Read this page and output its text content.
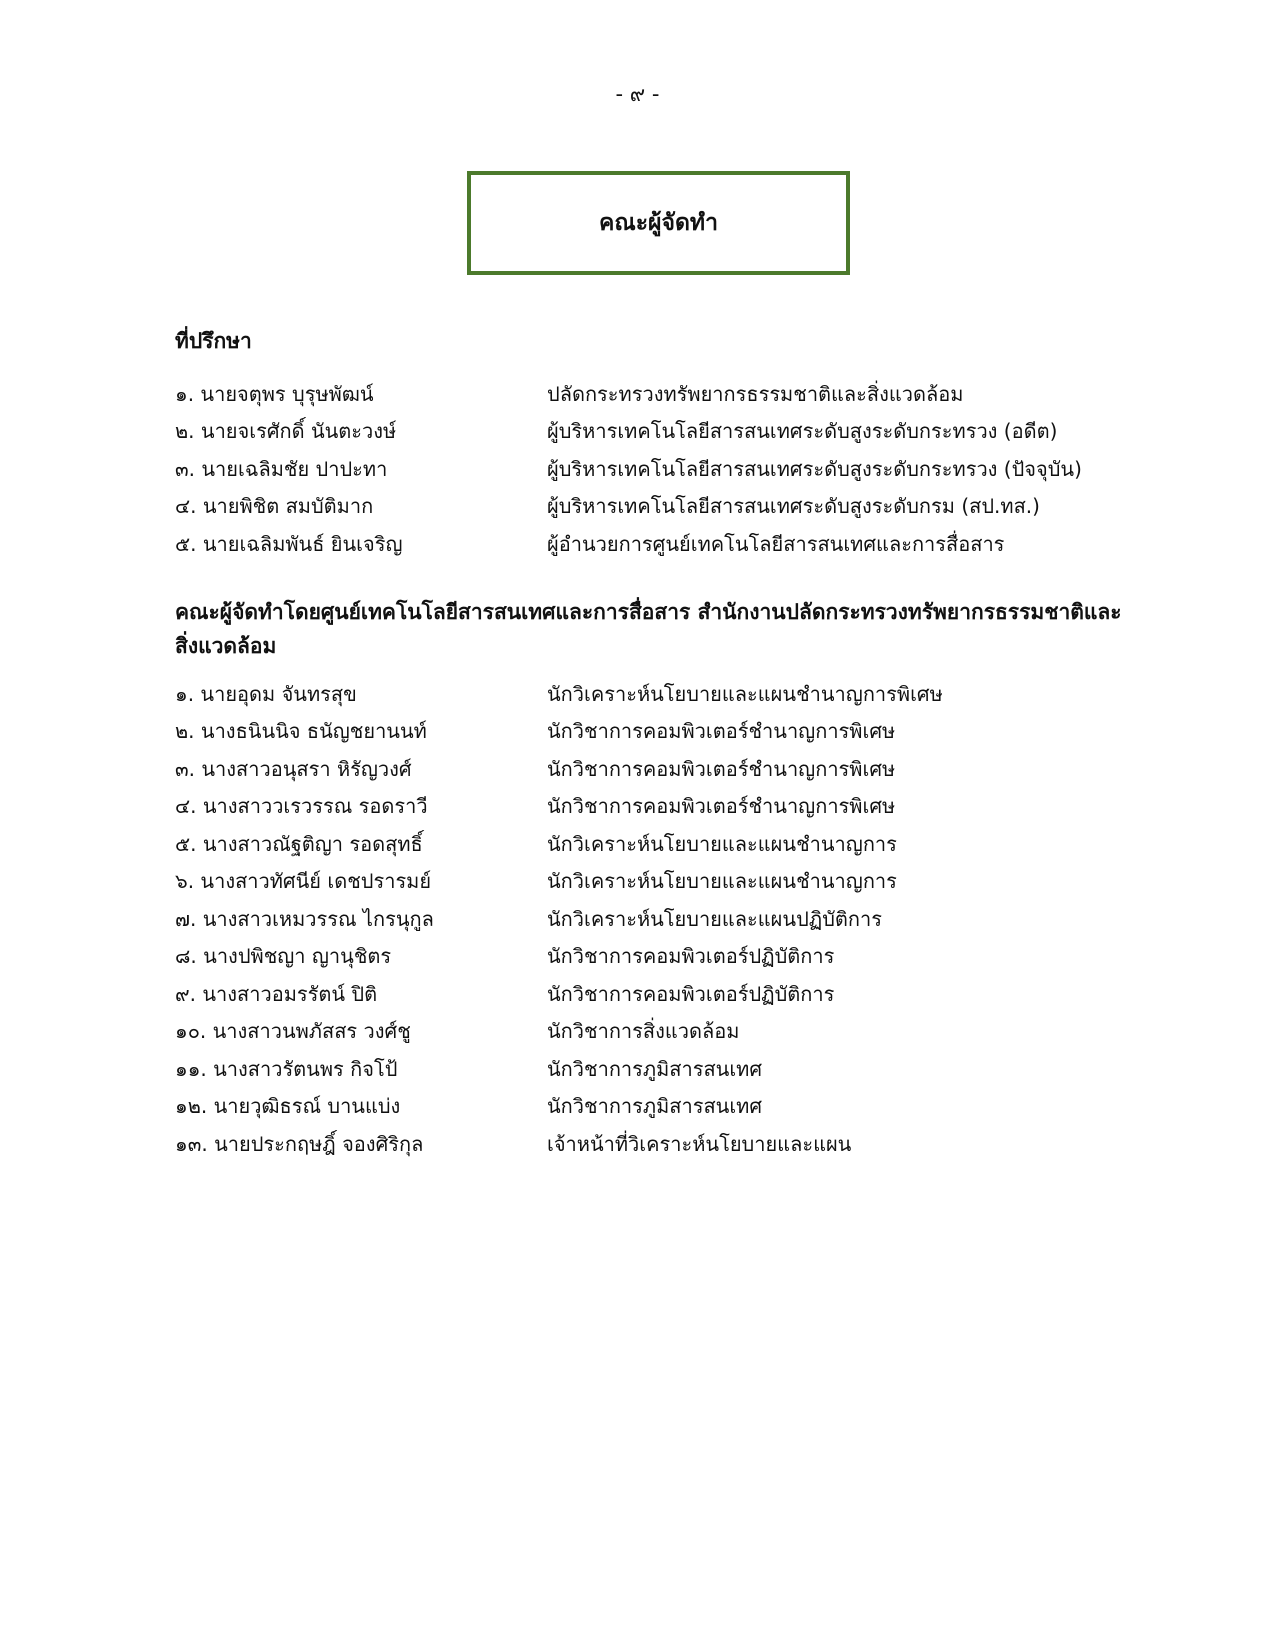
- ๙ -
คณะผู้จัดทำ
ที่ปรึกษา
๑. นายจตุพร บุรุษพัฒน์	ปลัดกระทรวงทรัพยากรธรรมชาติและสิ่งแวดล้อม
๒. นายจเรศักดิ์ นันตะวงษ์	ผู้บริหารเทคโนโลยีสารสนเทศระดับสูงระดับกระทรวง (อดีต)
๓. นายเฉลิมชัย ปาปะทา	ผู้บริหารเทคโนโลยีสารสนเทศระดับสูงระดับกระทรวง (ปัจจุบัน)
๔. นายพิชิต สมบัติมาก	ผู้บริหารเทคโนโลยีสารสนเทศระดับสูงระดับกรม (สป.ทส.)
๕. นายเฉลิมพันธ์ ยินเจริญ	ผู้อำนวยการศูนย์เทคโนโลยีสารสนเทศและการสื่อสาร
คณะผู้จัดทำโดยศูนย์เทคโนโลยีสารสนเทศและการสื่อสาร สำนักงานปลัดกระทรวงทรัพยากรธรรมชาติและ
สิ่งแวดล้อม
๑. นายอุดม จันทรสุข	นักวิเคราะห์นโยบายและแผนชำนาญการพิเศษ
๒. นางธนินนิจ ธนัญชยานนท์	นักวิชาการคอมพิวเตอร์ชำนาญการพิเศษ
๓. นางสาวอนุสรา หิรัญวงศ์	นักวิชาการคอมพิวเตอร์ชำนาญการพิเศษ
๔. นางสาววเรวรรณ รอดราวี	นักวิชาการคอมพิวเตอร์ชำนาญการพิเศษ
๕. นางสาวณัฐติญา รอดสุทธิ์	นักวิเคราะห์นโยบายและแผนชำนาญการ
๖. นางสาวทัศนีย์ เดชปรารมย์	นักวิเคราะห์นโยบายและแผนชำนาญการ
๗. นางสาวเหมวรรณ ไกรนุกูล	นักวิเคราะห์นโยบายและแผนปฏิบัติการ
๘. นางปพิชญา ญานุชิตร	นักวิชาการคอมพิวเตอร์ปฏิบัติการ
๙. นางสาวอมรรัตน์ ปิติ	นักวิชาการคอมพิวเตอร์ปฏิบัติการ
๑๐. นางสาวนพภัสสร วงศ์ชู	นักวิชาการสิ่งแวดล้อม
๑๑. นางสาวรัตนพร กิจโป้	นักวิชาการภูมิสารสนเทศ
๑๒. นายวุฒิธรณ์ บานแบ่ง	นักวิชาการภูมิสารสนเทศ
๑๓. นายประกฤษฎิ์ จองศิริกุล	เจ้าหน้าที่วิเคราะห์นโยบายและแผน
